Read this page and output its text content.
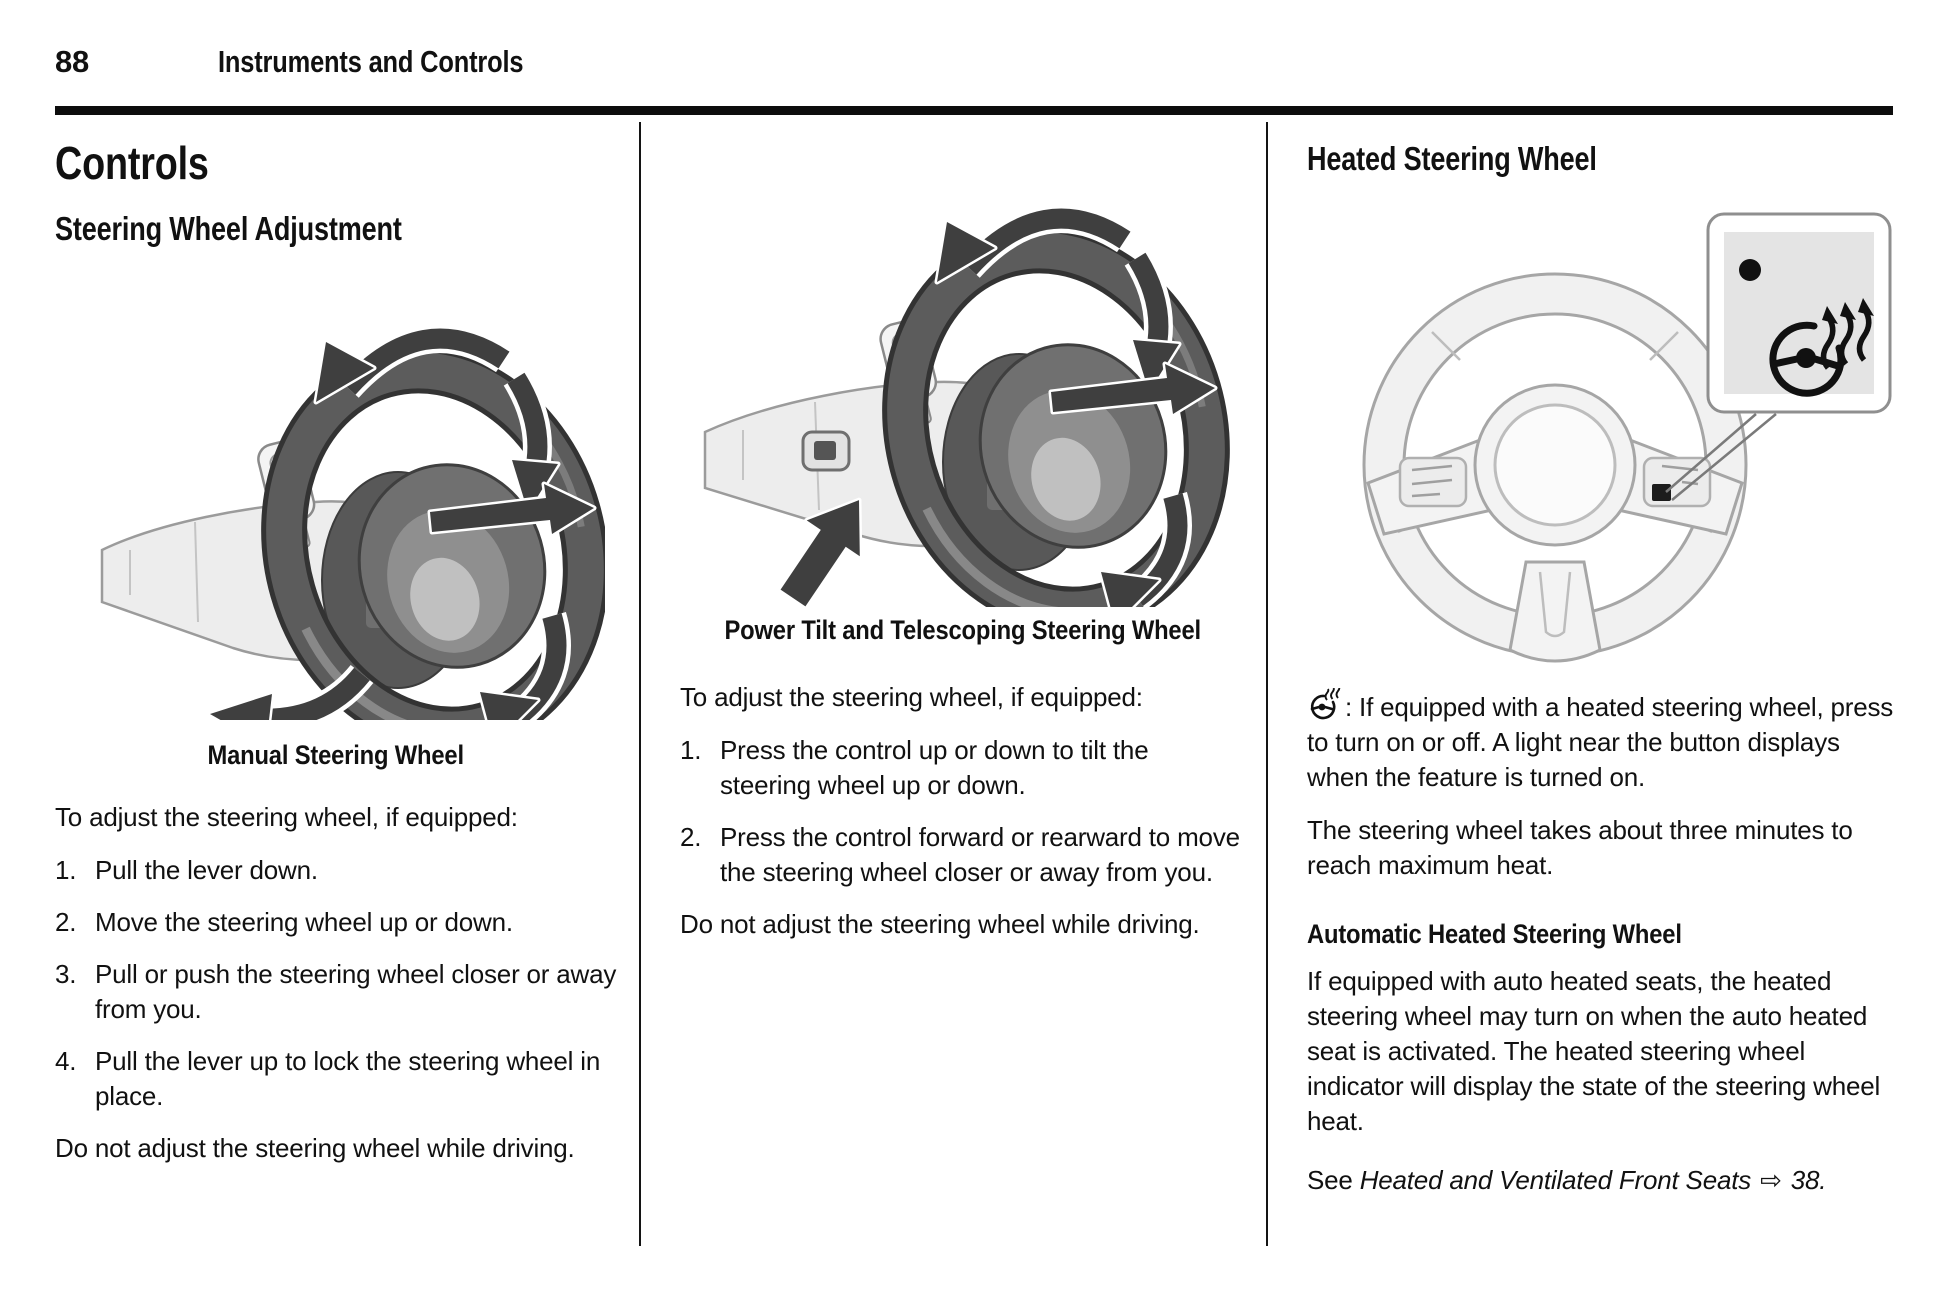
88	Instruments and Controls
Controls
Steering Wheel Adjustment
Manual Steering Wheel

To adjust the steering wheel, if equipped:

Pull the lever down.
Move the steering wheel up or down.
Pull or push the steering wheel closer or away from you.
Pull the lever up to lock the steering wheel in place.

Do not adjust the steering wheel while driving.

Power Tilt and Telescoping Steering Wheel

To adjust the steering wheel, if equipped:

Press the control up or down to tilt the steering wheel up or down.
Press the control forward or rearward to move the steering wheel closer or away from you.

Do not adjust the steering wheel while driving.

Heated Steering Wheel

: If equipped with a heated steering wheel, press to turn on or off. A light near the button displays when the feature is turned on.

The steering wheel takes about three minutes to reach maximum heat.

Automatic Heated Steering Wheel

If equipped with auto heated seats, the heated steering wheel may turn on when the auto heated seat is activated. The heated steering wheel indicator will display the state of the steering wheel heat.

See Heated and Ventilated Front Seats ⇨ 38.
